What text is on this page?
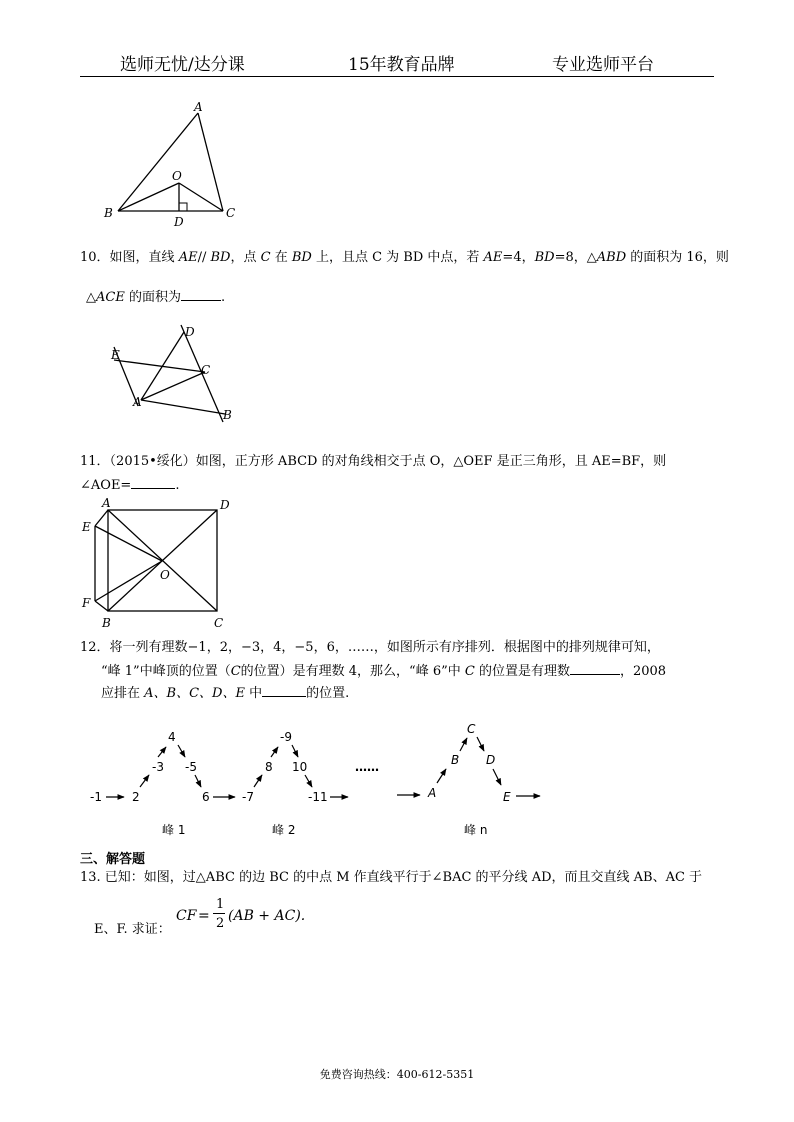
选师无忧/达分课	15年教育品牌	专业选师平台
A
O
B	C
D
10．如图，直线 AE// BD，点 C 在 BD 上，且点 C 为 BD 中点，若 AE=4，BD=8，△ABD 的面积为 16，则
△ACE 的面积为	.
D
E
C
A
B
11．（2015•绥化）如图，正方形 ABCD 的对角线相交于点 O，△OEF 是正三角形，且 AE=BF，则
∠AOE=	.
A	D
E
O
F
B	C
12．将一列有理数−1，2，−3，4，−5，6，……，如图所示有序排列．根据图中的排列规律可知，
“峰 1”中峰顶的位置（C的位置）是有理数 4，那么，“峰 6”中 C 的位置是有理数	，2008
应排在 A、B、C、D、E 中	的位置.
-1	2
-3
4
-5
6	-7
8
-9
10
-11
……
A
B
C
D
E
峰 1	峰 2	峰 n
三、解答题
13. 已知：如图，过△ABC 的边 BC 的中点 M 作直线平行于∠BAC 的平分线 AD，而且交直线 AB、AC 于
E、F. 求证：
CF =
1
2 (AB + AC).
免费咨询热线：400-612-5351
